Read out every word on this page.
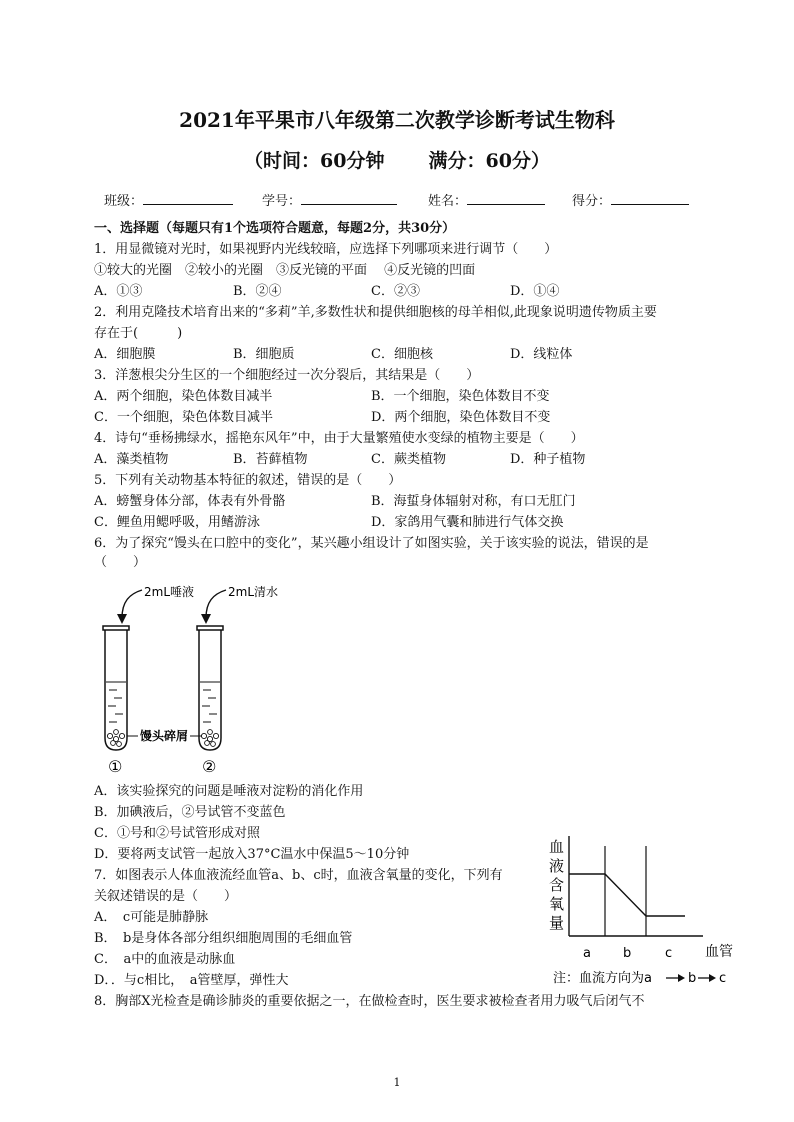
2021年平果市八年级第二次教学诊断考试生物科
（时间：60分钟 满分：60分）
班级：	学号：	姓名：	得分：
一、选择题（每题只有1个选项符合题意，每题2分，共30分）
1．用显微镜对光时，如果视野内光线较暗，应选择下列哪项来进行调节（　　）
①较大的光圈　②较小的光圈　③反光镜的平面　 ④反光镜的凹面
A．①③	B．②④	C．②③	D．①④
2．利用克隆技术培育出来的“多莉”羊,多数性状和提供细胞核的母羊相似,此现象说明遗传物质主要
存在于(　　　)
A．细胞膜	B．细胞质	C．细胞核	D．线粒体
3．洋葱根尖分生区的一个细胞经过一次分裂后，其结果是（　　）
A．两个细胞，染色体数目减半	B．一个细胞，染色体数目不变
C．一个细胞，染色体数目减半	D．两个细胞，染色体数目不变
4．诗句“垂杨拂绿水，摇艳东风年”中，由于大量繁殖使水变绿的植物主要是（　　）
A．藻类植物	B．苔藓植物	C．蕨类植物	D．种子植物
5．下列有关动物基本特征的叙述，错误的是（　　）
A．螃蟹身体分部，体表有外骨骼	B．海蜇身体辐射对称，有口无肛门
C．鲤鱼用鳃呼吸，用鳍游泳	D．家鸽用气囊和肺进行气体交换
6．为了探究“馒头在口腔中的变化”，某兴趣小组设计了如图实验，关于该实验的说法，错误的是
（　　）
2mL唾液	2mL清水
馒头碎屑
①	②
A．该实验探究的问题是唾液对淀粉的消化作用
B．加碘液后，②号试管不变蓝色
C．①号和②号试管形成对照
D．要将两支试管一起放入37°C温水中保温5～10分钟
7．如图表示人体血液流经血管a、b、c时，血液含氧量的变化，下列有
关叙述错误的是（　　）
A．　c可能是肺静脉
B．　b是身体各部分组织细胞周围的毛细血管
C．　a中的血液是动脉血
D．．与c相比，　a管壁厚，弹性大
血
液
含
氧
量
a b	c 血管
注：血流方向为a	b c
8．胸部X光检查是确诊肺炎的重要依据之一，在做检查时，医生要求被检查者用力吸气后闭气不
1
